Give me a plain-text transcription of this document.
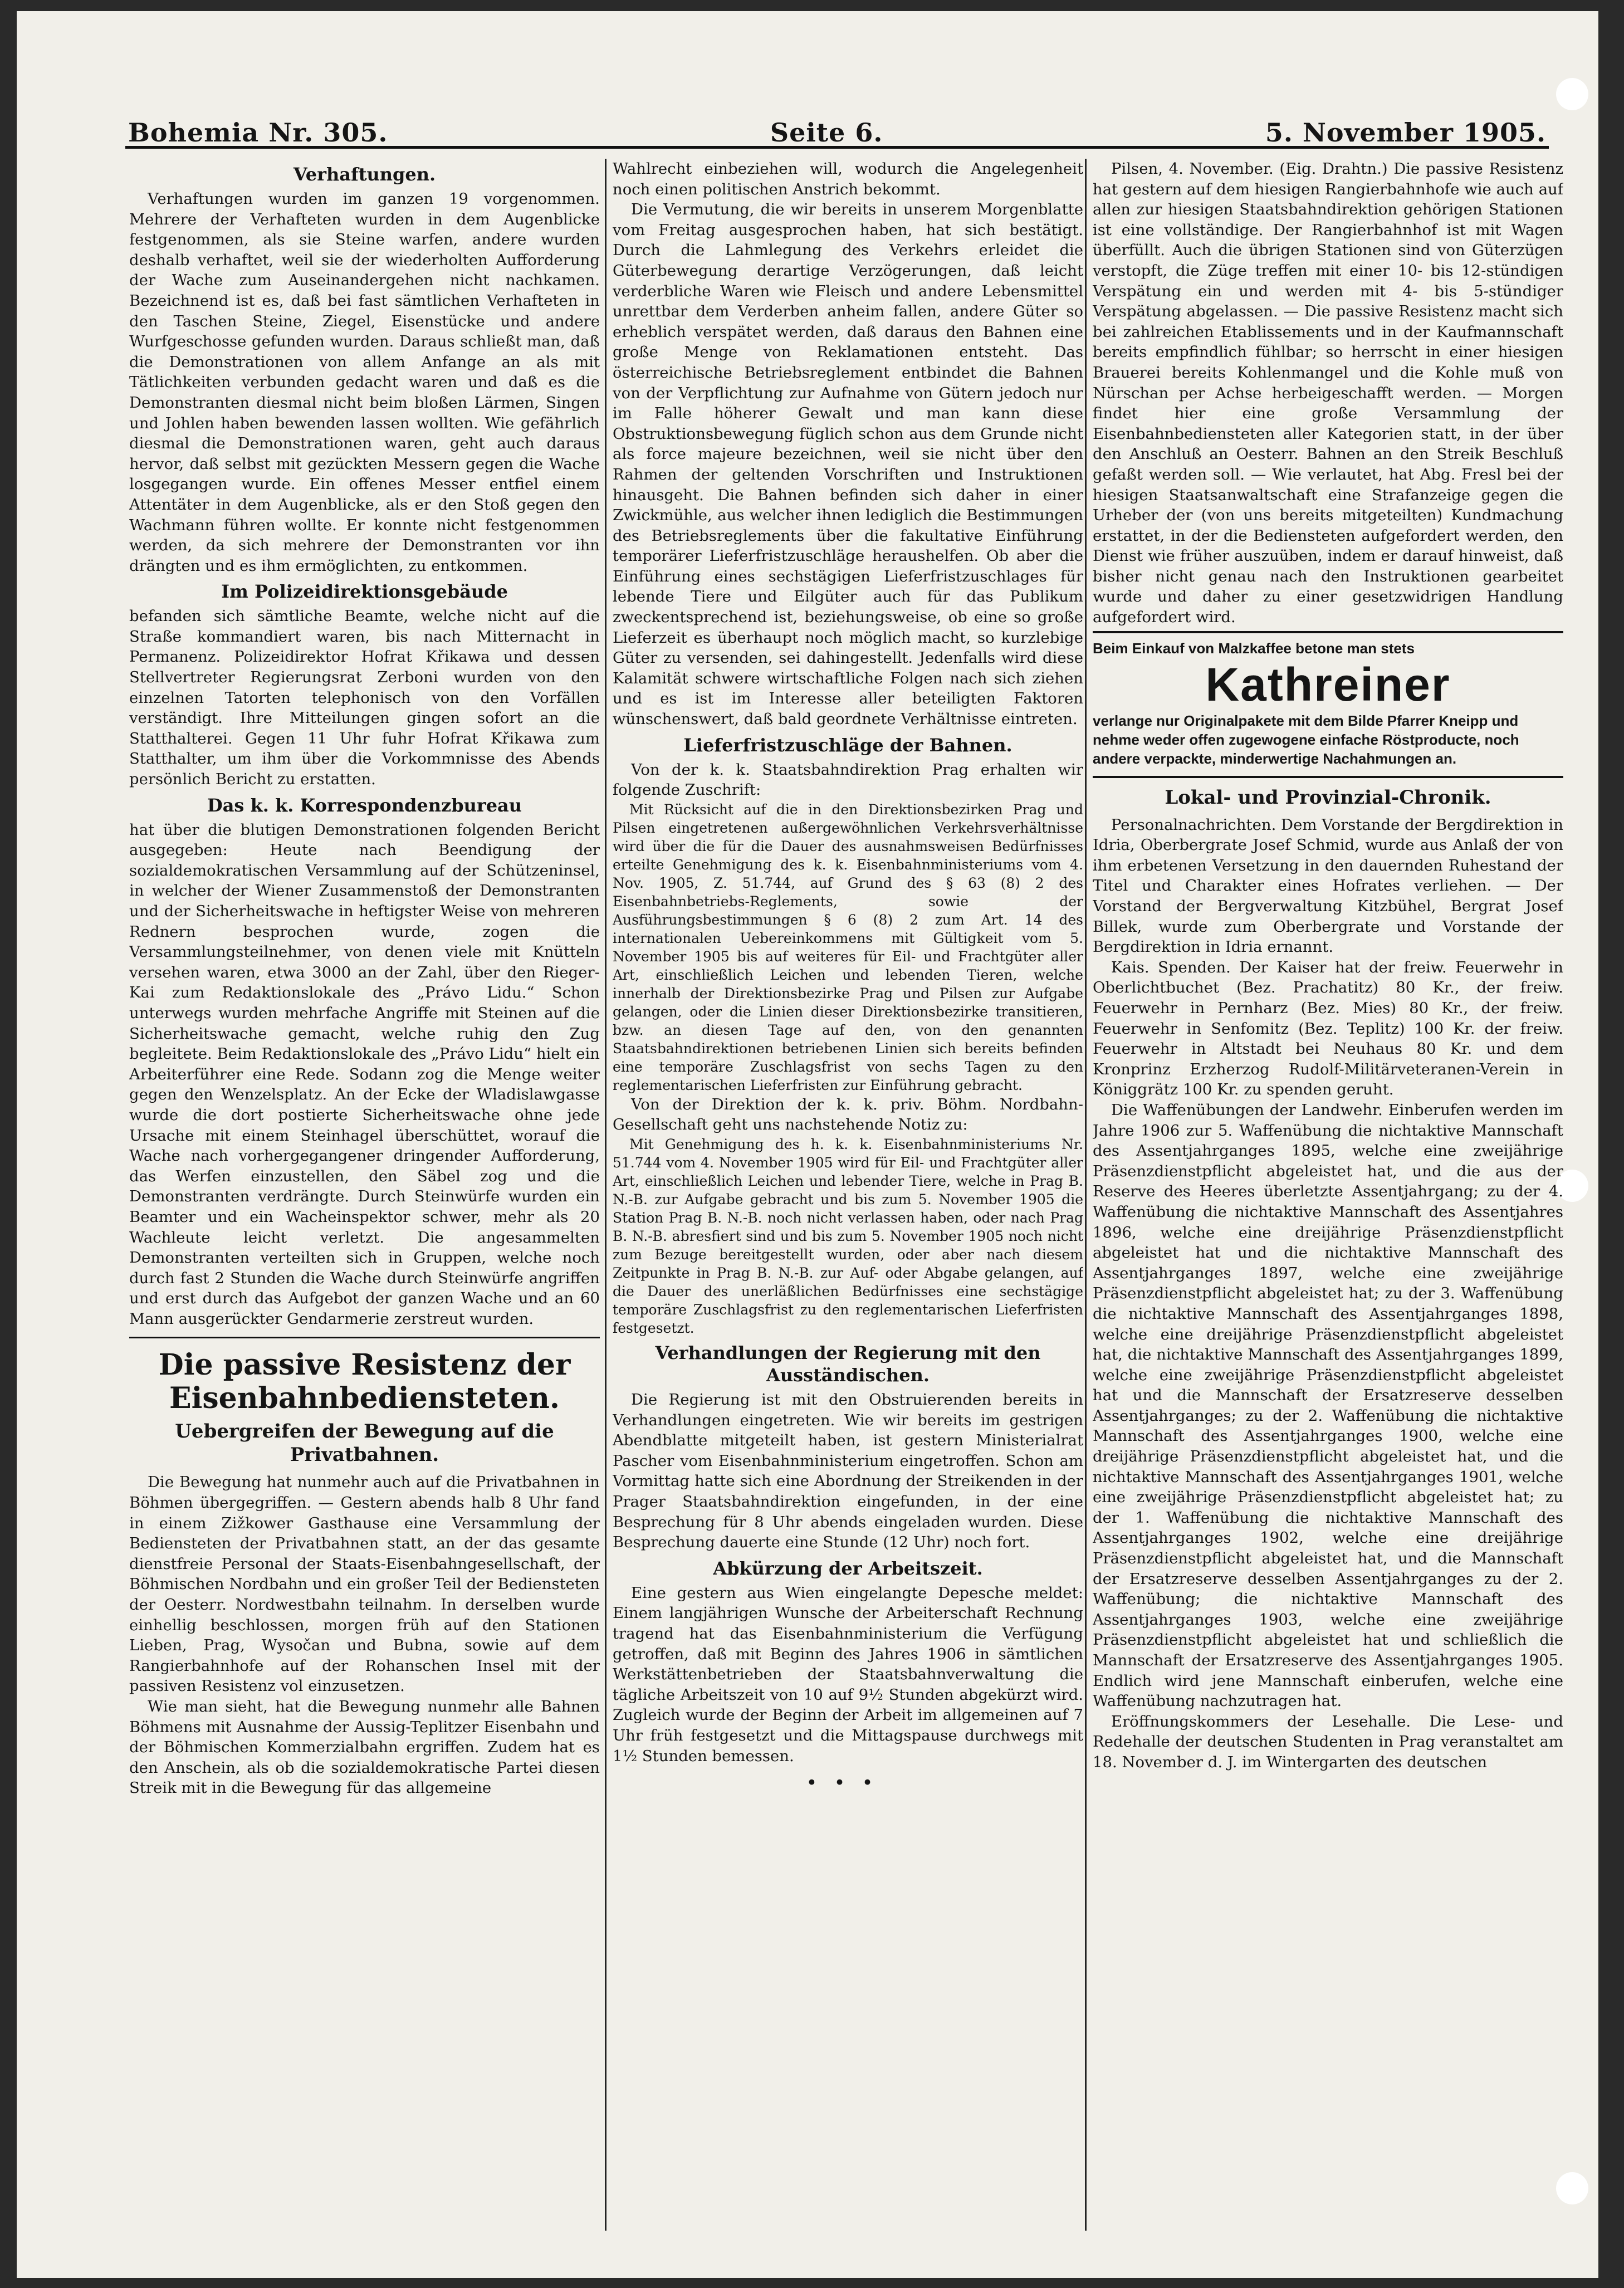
Bohemia Nr. 305.	Seite 6.	5. November 1905.
Verhaftungen.

Verhaftungen wurden im ganzen 19 vorgenommen. Mehrere der Verhafteten wurden in dem Augenblicke festgenommen, als sie Steine warfen, andere wurden deshalb verhaftet, weil sie der wiederholten Aufforderung der Wache zum Auseinandergehen nicht nachkamen. Bezeichnend ist es, daß bei fast sämtlichen Verhafteten in den Taschen Steine, Ziegel, Eisenstücke und andere Wurfgeschosse gefunden wurden. Daraus schließt man, daß die Demonstrationen von allem Anfange an als mit Tätlichkeiten verbunden gedacht waren und daß es die Demonstranten diesmal nicht beim bloßen Lärmen, Singen und Johlen haben bewenden lassen wollten. Wie gefährlich diesmal die Demonstrationen waren, geht auch daraus hervor, daß selbst mit gezückten Messern gegen die Wache losgegangen wurde. Ein offenes Messer entfiel einem Attentäter in dem Augenblicke, als er den Stoß gegen den Wachmann führen wollte. Er konnte nicht festgenommen werden, da sich mehrere der Demonstranten vor ihn drängten und es ihm ermöglichten, zu entkommen.

Im Polizeidirektionsgebäude

befanden sich sämtliche Beamte, welche nicht auf die Straße kommandiert waren, bis nach Mitternacht in Permanenz. Polizeidirektor Hofrat Křikawa und dessen Stellvertreter Regierungsrat Zerboni wurden von den einzelnen Tatorten telephonisch von den Vorfällen verständigt. Ihre Mitteilungen gingen sofort an die Statthalterei. Gegen 11 Uhr fuhr Hofrat Křikawa zum Statthalter, um ihm über die Vorkommnisse des Abends persönlich Bericht zu erstatten.

Das k. k. Korrespondenzbureau

hat über die blutigen Demonstrationen folgenden Bericht ausgegeben: Heute nach Beendigung der sozialdemokratischen Versammlung auf der Schützeninsel, in welcher der Wiener Zusammenstoß der Demonstranten und der Sicherheitswache in heftigster Weise von mehreren Rednern besprochen wurde, zogen die Versammlungsteilnehmer, von denen viele mit Knütteln versehen waren, etwa 3000 an der Zahl, über den Rieger-Kai zum Redaktionslokale des „Právo Lidu.“ Schon unterwegs wurden mehrfache Angriffe mit Steinen auf die Sicherheitswache gemacht, welche ruhig den Zug begleitete. Beim Redaktionslokale des „Právo Lidu“ hielt ein Arbeiterführer eine Rede. Sodann zog die Menge weiter gegen den Wenzelsplatz. An der Ecke der Wladislawgasse wurde die dort postierte Sicherheitswache ohne jede Ursache mit einem Steinhagel überschüttet, worauf die Wache nach vorhergegangener dringender Aufforderung, das Werfen einzustellen, den Säbel zog und die Demonstranten verdrängte. Durch Steinwürfe wurden ein Beamter und ein Wacheinspektor schwer, mehr als 20 Wachleute leicht verletzt. Die angesammelten Demonstranten verteilten sich in Gruppen, welche noch durch fast 2 Stunden die Wache durch Steinwürfe angriffen und erst durch das Aufgebot der ganzen Wache und an 60 Mann ausgerückter Gendarmerie zerstreut wurden.

Die passive Resistenz der Eisenbahnbediensteten.
Uebergreifen der Bewegung auf die Privatbahnen.

Die Bewegung hat nunmehr auch auf die Privatbahnen in Böhmen übergegriffen. — Gestern abends halb 8 Uhr fand in einem Zižkower Gasthause eine Versammlung der Bediensteten der Privatbahnen statt, an der das gesamte dienstfreie Personal der Staats-Eisenbahngesellschaft, der Böhmischen Nordbahn und ein großer Teil der Bediensteten der Oesterr. Nordwestbahn teilnahm. In derselben wurde einhellig beschlossen, morgen früh auf den Stationen Lieben, Prag, Wysočan und Bubna, sowie auf dem Rangierbahnhofe auf der Rohanschen Insel mit der passiven Resistenz vol einzusetzen.

Wie man sieht, hat die Bewegung nunmehr alle Bahnen Böhmens mit Ausnahme der Aussig-Teplitzer Eisenbahn und der Böhmischen Kommerzialbahn ergriffen. Zudem hat es den Anschein, als ob die sozialdemokratische Partei diesen Streik mit in die Bewegung für das allgemeine

Wahlrecht einbeziehen will, wodurch die Angelegenheit noch einen politischen Anstrich bekommt.

Die Vermutung, die wir bereits in unserem Morgenblatte vom Freitag ausgesprochen haben, hat sich bestätigt. Durch die Lahmlegung des Verkehrs erleidet die Güterbewegung derartige Verzögerungen, daß leicht verderbliche Waren wie Fleisch und andere Lebensmittel unrettbar dem Verderben anheim fallen, andere Güter so erheblich verspätet werden, daß daraus den Bahnen eine große Menge von Reklamationen entsteht. Das österreichische Betriebsreglement entbindet die Bahnen von der Verpflichtung zur Aufnahme von Gütern jedoch nur im Falle höherer Gewalt und man kann diese Obstruktionsbewegung füglich schon aus dem Grunde nicht als force majeure bezeichnen, weil sie nicht über den Rahmen der geltenden Vorschriften und Instruktionen hinausgeht. Die Bahnen befinden sich daher in einer Zwickmühle, aus welcher ihnen lediglich die Bestimmungen des Betriebsreglements über die fakultative Einführung temporärer Lieferfristzuschläge heraushelfen. Ob aber die Einführung eines sechstägigen Lieferfristzuschlages für lebende Tiere und Eilgüter auch für das Publikum zweckentsprechend ist, beziehungsweise, ob eine so große Lieferzeit es überhaupt noch möglich macht, so kurzlebige Güter zu versenden, sei dahingestellt. Jedenfalls wird diese Kalamität schwere wirtschaftliche Folgen nach sich ziehen und es ist im Interesse aller beteiligten Faktoren wünschenswert, daß bald geordnete Verhältnisse eintreten.

Lieferfristzuschläge der Bahnen.

Von der k. k. Staatsbahndirektion Prag erhalten wir folgende Zuschrift:

Mit Rücksicht auf die in den Direktionsbezirken Prag und Pilsen eingetretenen außergewöhnlichen Verkehrsverhältnisse wird über die für die Dauer des ausnahmsweisen Bedürfnisses erteilte Genehmigung des k. k. Eisenbahnministeriums vom 4. Nov. 1905, Z. 51.744, auf Grund des § 63 (8) 2 des Eisenbahnbetriebs-Reglements, sowie der Ausführungsbestimmungen § 6 (8) 2 zum Art. 14 des internationalen Uebereinkommens mit Gültigkeit vom 5. November 1905 bis auf weiteres für Eil- und Frachtgüter aller Art, einschließlich Leichen und lebenden Tieren, welche innerhalb der Direktionsbezirke Prag und Pilsen zur Aufgabe gelangen, oder die Linien dieser Direktionsbezirke transitieren, bzw. an diesen Tage auf den, von den genannten Staatsbahndirektionen betriebenen Linien sich bereits befinden eine temporäre Zuschlagsfrist von sechs Tagen zu den reglementarischen Lieferfristen zur Einführung gebracht.

Von der Direktion der k. k. priv. Böhm. Nordbahn-Gesellschaft geht uns nachstehende Notiz zu:

Mit Genehmigung des h. k. k. Eisenbahnministeriums Nr. 51.744 vom 4. November 1905 wird für Eil- und Frachtgüter aller Art, einschließlich Leichen und lebender Tiere, welche in Prag B. N.-B. zur Aufgabe gebracht und bis zum 5. November 1905 die Station Prag B. N.-B. noch nicht verlassen haben, oder nach Prag B. N.-B. abresfiert sind und bis zum 5. November 1905 noch nicht zum Bezuge bereitgestellt wurden, oder aber nach diesem Zeitpunkte in Prag B. N.-B. zur Auf- oder Abgabe gelangen, auf die Dauer des unerläßlichen Bedürfnisses eine sechstägige temporäre Zuschlagsfrist zu den reglementarischen Lieferfristen festgesetzt.

Verhandlungen der Regierung mit den Ausständischen.

Die Regierung ist mit den Obstruierenden bereits in Verhandlungen eingetreten. Wie wir bereits im gestrigen Abendblatte mitgeteilt haben, ist gestern Ministerialrat Pascher vom Eisenbahnministerium eingetroffen. Schon am Vormittag hatte sich eine Abordnung der Streikenden in der Prager Staatsbahndirektion eingefunden, in der eine Besprechung für 8 Uhr abends eingeladen wurden. Diese Besprechung dauerte eine Stunde (12 Uhr) noch fort.

Abkürzung der Arbeitszeit.

Eine gestern aus Wien eingelangte Depesche meldet: Einem langjährigen Wunsche der Arbeiterschaft Rechnung tragend hat das Eisenbahnministerium die Verfügung getroffen, daß mit Beginn des Jahres 1906 in sämtlichen Werkstättenbetrieben der Staatsbahnverwaltung die tägliche Arbeitszeit von 10 auf 9½ Stunden abgekürzt wird. Zugleich wurde der Beginn der Arbeit im allgemeinen auf 7 Uhr früh festgesetzt und die Mittagspause durchwegs mit 1½ Stunden bemessen.

•••

Pilsen, 4. November. (Eig. Drahtn.) Die passive Resistenz hat gestern auf dem hiesigen Rangierbahnhofe wie auch auf allen zur hiesigen Staatsbahndirektion gehörigen Stationen ist eine vollständige. Der Rangierbahnhof ist mit Wagen überfüllt. Auch die übrigen Stationen sind von Güterzügen verstopft, die Züge treffen mit einer 10- bis 12-stündigen Verspätung ein und werden mit 4- bis 5-stündiger Verspätung abgelassen. — Die passive Resistenz macht sich bei zahlreichen Etablissements und in der Kaufmannschaft bereits empfindlich fühlbar; so herrscht in einer hiesigen Brauerei bereits Kohlenmangel und die Kohle muß von Nürschan per Achse herbeigeschafft werden. — Morgen findet hier eine große Versammlung der Eisenbahnbediensteten aller Kategorien statt, in der über den Anschluß an Oesterr. Bahnen an den Streik Beschluß gefaßt werden soll. — Wie verlautet, hat Abg. Fresl bei der hiesigen Staatsanwaltschaft eine Strafanzeige gegen die Urheber der (von uns bereits mitgeteilten) Kundmachung erstattet, in der die Bediensteten aufgefordert werden, den Dienst wie früher auszuüben, indem er darauf hinweist, daß bisher nicht genau nach den Instruktionen gearbeitet wurde und daher zu einer gesetzwidrigen Handlung aufgefordert wird.

Beim Einkauf von Malzkaffee betone man stets
Kathreiner
verlange nur Originalpakete mit dem Bilde Pfarrer Kneipp und nehme weder offen zugewogene einfache Röstproducte, noch andere verpackte, minderwertige Nachahmungen an.
Lokal- und Provinzial-Chronik.

Personalnachrichten. Dem Vorstande der Bergdirektion in Idria, Oberbergrate Josef Schmid, wurde aus Anlaß der von ihm erbetenen Versetzung in den dauernden Ruhestand der Titel und Charakter eines Hofrates verliehen. — Der Vorstand der Bergverwaltung Kitzbühel, Bergrat Josef Billek, wurde zum Oberbergrate und Vorstande der Bergdirektion in Idria ernannt.

Kais. Spenden. Der Kaiser hat der freiw. Feuerwehr in Oberlichtbuchet (Bez. Prachatitz) 80 Kr., der freiw. Feuerwehr in Pernharz (Bez. Mies) 80 Kr., der freiw. Feuerwehr in Senfomitz (Bez. Teplitz) 100 Kr. der freiw. Feuerwehr in Altstadt bei Neuhaus 80 Kr. und dem Kronprinz Erzherzog Rudolf-Militärveteranen-Verein in Königgrätz 100 Kr. zu spenden geruht.

Die Waffenübungen der Landwehr. Einberufen werden im Jahre 1906 zur 5. Waffenübung die nichtaktive Mannschaft des Assentjahrganges 1895, welche eine zweijährige Präsenzdienstpflicht abgeleistet hat, und die aus der Reserve des Heeres überletzte Assentjahrgang; zu der 4. Waffenübung die nichtaktive Mannschaft des Assentjahres 1896, welche eine dreijährige Präsenzdienstpflicht abgeleistet hat und die nichtaktive Mannschaft des Assentjahrganges 1897, welche eine zweijährige Präsenzdienstpflicht abgeleistet hat; zu der 3. Waffenübung die nichtaktive Mannschaft des Assentjahrganges 1898, welche eine dreijährige Präsenzdienstpflicht abgeleistet hat, die nichtaktive Mannschaft des Assentjahrganges 1899, welche eine zweijährige Präsenzdienstpflicht abgeleistet hat und die Mannschaft der Ersatzreserve desselben Assentjahrganges; zu der 2. Waffenübung die nichtaktive Mannschaft des Assentjahrganges 1900, welche eine dreijährige Präsenzdienstpflicht abgeleistet hat, und die nichtaktive Mannschaft des Assentjahrganges 1901, welche eine zweijährige Präsenzdienstpflicht abgeleistet hat; zu der 1. Waffenübung die nichtaktive Mannschaft des Assentjahrganges 1902, welche eine dreijährige Präsenzdienstpflicht abgeleistet hat, und die Mannschaft der Ersatzreserve desselben Assentjahrganges zu der 2. Waffenübung; die nichtaktive Mannschaft des Assentjahrganges 1903, welche eine zweijährige Präsenzdienstpflicht abgeleistet hat und schließlich die Mannschaft der Ersatzreserve des Assentjahrganges 1905. Endlich wird jene Mannschaft einberufen, welche eine Waffenübung nachzutragen hat.

Eröffnungskommers der Lesehalle. Die Lese- und Redehalle der deutschen Studenten in Prag veranstaltet am 18. November d. J. im Wintergarten des deutschen
